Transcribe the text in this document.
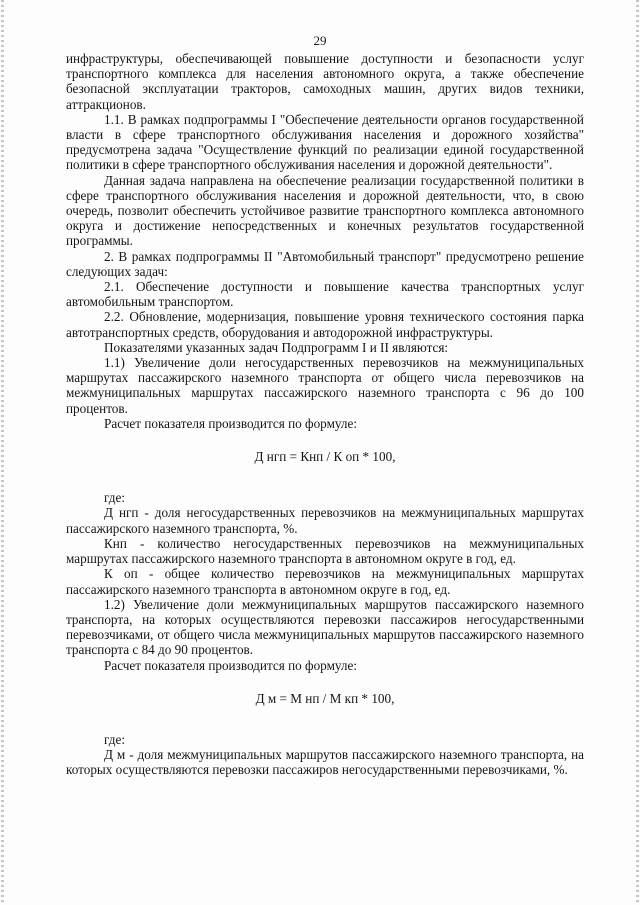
29

инфраструктуры, обеспечивающей повышение доступности и безопасности услуг транспортного комплекса для населения автономного округа, а также обеспечение безопасной эксплуатации тракторов, самоходных машин, других видов техники, аттракционов.

1.1. В рамках подпрограммы I "Обеспечение деятельности органов государственной власти в сфере транспортного обслуживания населения и дорожного хозяйства" предусмотрена задача "Осуществление функций по реализации единой государственной политики в сфере транспортного обслуживания населения и дорожной деятельности".

Данная задача направлена на обеспечение реализации государственной политики в сфере транспортного обслуживания населения и дорожной деятельности, что, в свою очередь, позволит обеспечить устойчивое развитие транспортного комплекса автономного округа и достижение непосредственных и конечных результатов государственной программы.

2. В рамках подпрограммы II "Автомобильный транспорт" предусмотрено решение следующих задач:

2.1. Обеспечение доступности и повышение качества транспортных услуг автомобильным транспортом.

2.2. Обновление, модернизация, повышение уровня технического состояния парка автотранспортных средств, оборудования и автодорожной инфраструктуры.

Показателями указанных задач Подпрограмм I и II являются:

1.1) Увеличение доли негосударственных перевозчиков на межмуниципальных маршрутах пассажирского наземного транспорта от общего числа перевозчиков на межмуниципальных маршрутах пассажирского наземного транспорта с 96 до 100 процентов.

Расчет показателя производится по формуле:

Д нгп = Кнп / К оп * 100,

где:

Д нгп - доля негосударственных перевозчиков на межмуниципальных маршрутах пассажирского наземного транспорта, %.

Кнп - количество негосударственных перевозчиков на межмуниципальных маршрутах пассажирского наземного транспорта в автономном округе в год, ед.

К оп - общее количество перевозчиков на межмуниципальных маршрутах пассажирского наземного транспорта в автономном округе в год, ед.

1.2) Увеличение доли межмуниципальных маршрутов пассажирского наземного транспорта, на которых осуществляются перевозки пассажиров негосударственными перевозчиками, от общего числа межмуниципальных маршрутов пассажирского наземного транспорта с 84 до 90 процентов.

Расчет показателя производится по формуле:

Д м = М нп / М кп * 100,

где:

Д м - доля межмуниципальных маршрутов пассажирского наземного транспорта, на которых осуществляются перевозки пассажиров негосударственными перевозчиками, %.
